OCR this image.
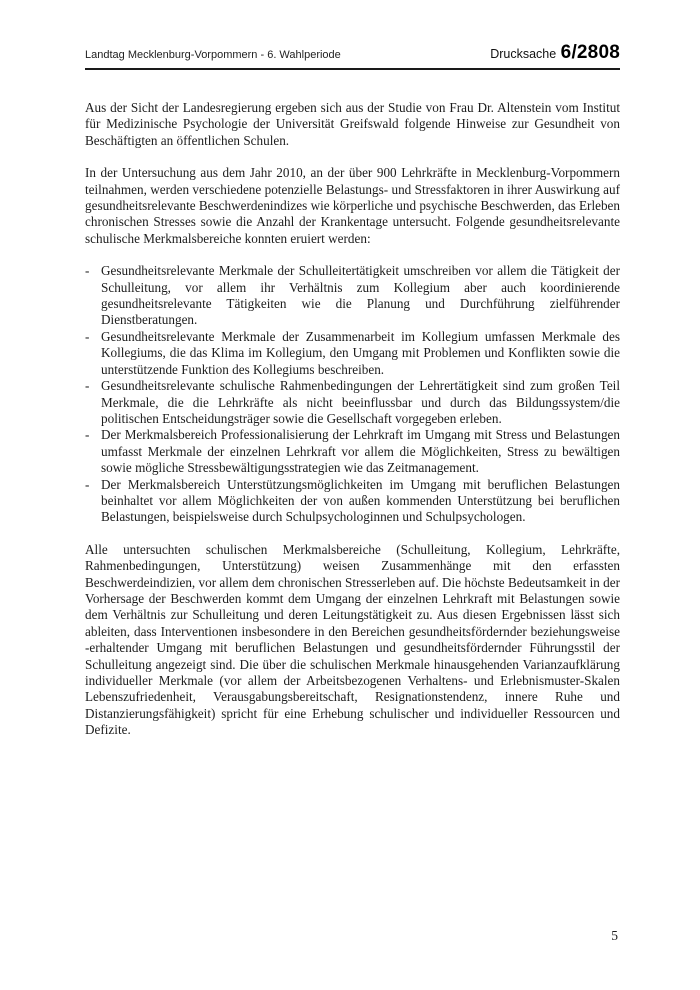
Landtag Mecklenburg-Vorpommern - 6. Wahlperiode	Drucksache 6/2808

Aus der Sicht der Landesregierung ergeben sich aus der Studie von Frau Dr. Altenstein vom Institut für Medizinische Psychologie der Universität Greifswald folgende Hinweise zur Gesundheit von Beschäftigten an öffentlichen Schulen.

In der Untersuchung aus dem Jahr 2010, an der über 900 Lehrkräfte in Mecklenburg-Vorpommern teilnahmen, werden verschiedene potenzielle Belastungs- und Stressfaktoren in ihrer Auswirkung auf gesundheitsrelevante Beschwerdenindizes wie körperliche und psychische Beschwerden, das Erleben chronischen Stresses sowie die Anzahl der Krankentage untersucht. Folgende gesundheitsrelevante schulische Merkmalsbereiche konnten eruiert werden:

- Gesundheitsrelevante Merkmale der Schulleitertätigkeit umschreiben vor allem die Tätigkeit der Schulleitung, vor allem ihr Verhältnis zum Kollegium aber auch koordinierende gesundheitsrelevante Tätigkeiten wie die Planung und Durchführung zielführender Dienstberatungen.
- Gesundheitsrelevante Merkmale der Zusammenarbeit im Kollegium umfassen Merkmale des Kollegiums, die das Klima im Kollegium, den Umgang mit Problemen und Konflikten sowie die unterstützende Funktion des Kollegiums beschreiben.
- Gesundheitsrelevante schulische Rahmenbedingungen der Lehrertätigkeit sind zum großen Teil Merkmale, die die Lehrkräfte als nicht beeinflussbar und durch das Bildungssystem/die politischen Entscheidungsträger sowie die Gesellschaft vorgegeben erleben.
- Der Merkmalsbereich Professionalisierung der Lehrkraft im Umgang mit Stress und Belastungen umfasst Merkmale der einzelnen Lehrkraft vor allem die Möglichkeiten, Stress zu bewältigen sowie mögliche Stressbewältigungsstrategien wie das Zeitmanagement.
- Der Merkmalsbereich Unterstützungsmöglichkeiten im Umgang mit beruflichen Belastungen beinhaltet vor allem Möglichkeiten der von außen kommenden Unterstützung bei beruflichen Belastungen, beispielsweise durch Schulpsychologinnen und Schulpsychologen.

Alle untersuchten schulischen Merkmalsbereiche (Schulleitung, Kollegium, Lehrkräfte, Rahmenbedingungen, Unterstützung) weisen Zusammenhänge mit den erfassten Beschwerdeindizien, vor allem dem chronischen Stresserleben auf. Die höchste Bedeutsamkeit in der Vorhersage der Beschwerden kommt dem Umgang der einzelnen Lehrkraft mit Belastungen sowie dem Verhältnis zur Schulleitung und deren Leitungstätigkeit zu. Aus diesen Ergebnissen lässt sich ableiten, dass Interventionen insbesondere in den Bereichen gesundheitsfördernder beziehungsweise -erhaltender Umgang mit beruflichen Belastungen und gesundheitsfördernder Führungsstil der Schulleitung angezeigt sind. Die über die schulischen Merkmale hinausgehenden Varianzaufklärung individueller Merkmale (vor allem der Arbeitsbezogenen Verhaltens- und Erlebnismuster-Skalen Lebenszufriedenheit, Verausgabungsbereitschaft, Resignationstendenz, innere Ruhe und Distanzierungsfähigkeit) spricht für eine Erhebung schulischer und individueller Ressourcen und Defizite.

5
